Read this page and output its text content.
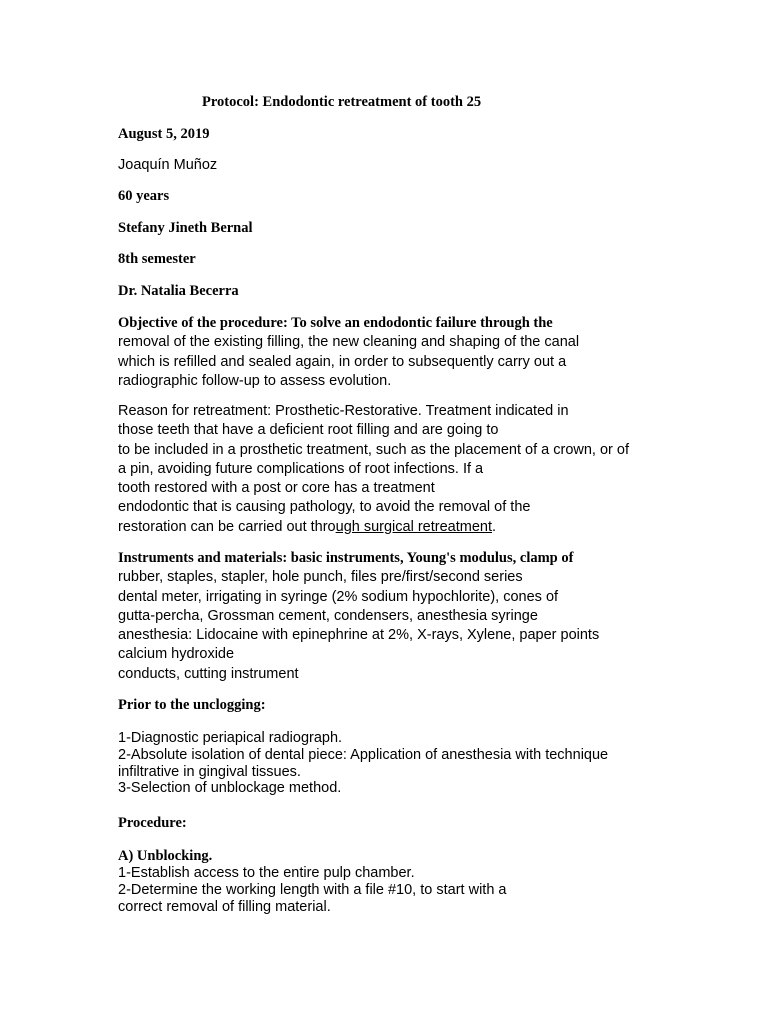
Protocol: Endodontic retreatment of tooth 25
August 5, 2019
Joaquín Muñoz
60 years
Stefany Jineth Bernal
8th semester
Dr. Natalia Becerra
Objective of the procedure: To solve an endodontic failure through the
removal of the existing filling, the new cleaning and shaping of the canal
which is refilled and sealed again, in order to subsequently carry out a
radiographic follow-up to assess evolution.
Reason for retreatment: Prosthetic-Restorative. Treatment indicated in
those teeth that have a deficient root filling and are going to
to be included in a prosthetic treatment, such as the placement of a crown, or of
a pin, avoiding future complications of root infections. If a
tooth restored with a post or core has a treatment
endodontic that is causing pathology, to avoid the removal of the
restoration can be carried out through surgical retreatment.
Instruments and materials: basic instruments, Young's modulus, clamp of
rubber, staples, stapler, hole punch, files pre/first/second series
dental meter, irrigating in syringe (2% sodium hypochlorite), cones of
gutta-percha, Grossman cement, condensers, anesthesia syringe
anesthesia: Lidocaine with epinephrine at 2%, X-rays, Xylene, paper points
calcium hydroxide
conducts, cutting instrument
Prior to the unclogging:
1-Diagnostic periapical radiograph.
2-Absolute isolation of dental piece: Application of anesthesia with technique
infiltrative in gingival tissues.
3-Selection of unblockage method.
Procedure:
A) Unblocking.
1-Establish access to the entire pulp chamber.
2-Determine the working length with a file #10, to start with a
correct removal of filling material.
